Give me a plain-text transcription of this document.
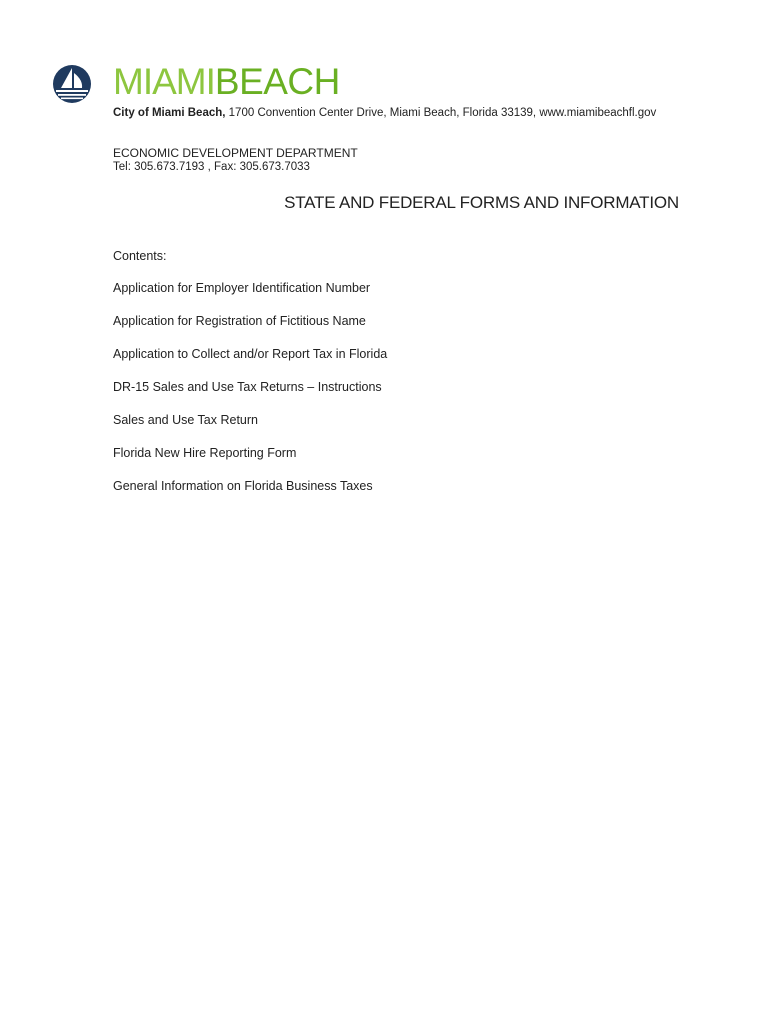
MIAMIBEACH
City of Miami Beach, 1700 Convention Center Drive, Miami Beach, Florida 33139, www.miamibeachfl.gov
ECONOMIC DEVELOPMENT DEPARTMENT
Tel: 305.673.7193 , Fax: 305.673.7033
STATE AND FEDERAL FORMS AND INFORMATION
Contents:
Application for Employer Identification Number
Application for Registration of Fictitious Name
Application to Collect and/or Report Tax in Florida
DR-15 Sales and Use Tax Returns – Instructions
Sales and Use Tax Return
Florida New Hire Reporting Form
General Information on Florida Business Taxes
